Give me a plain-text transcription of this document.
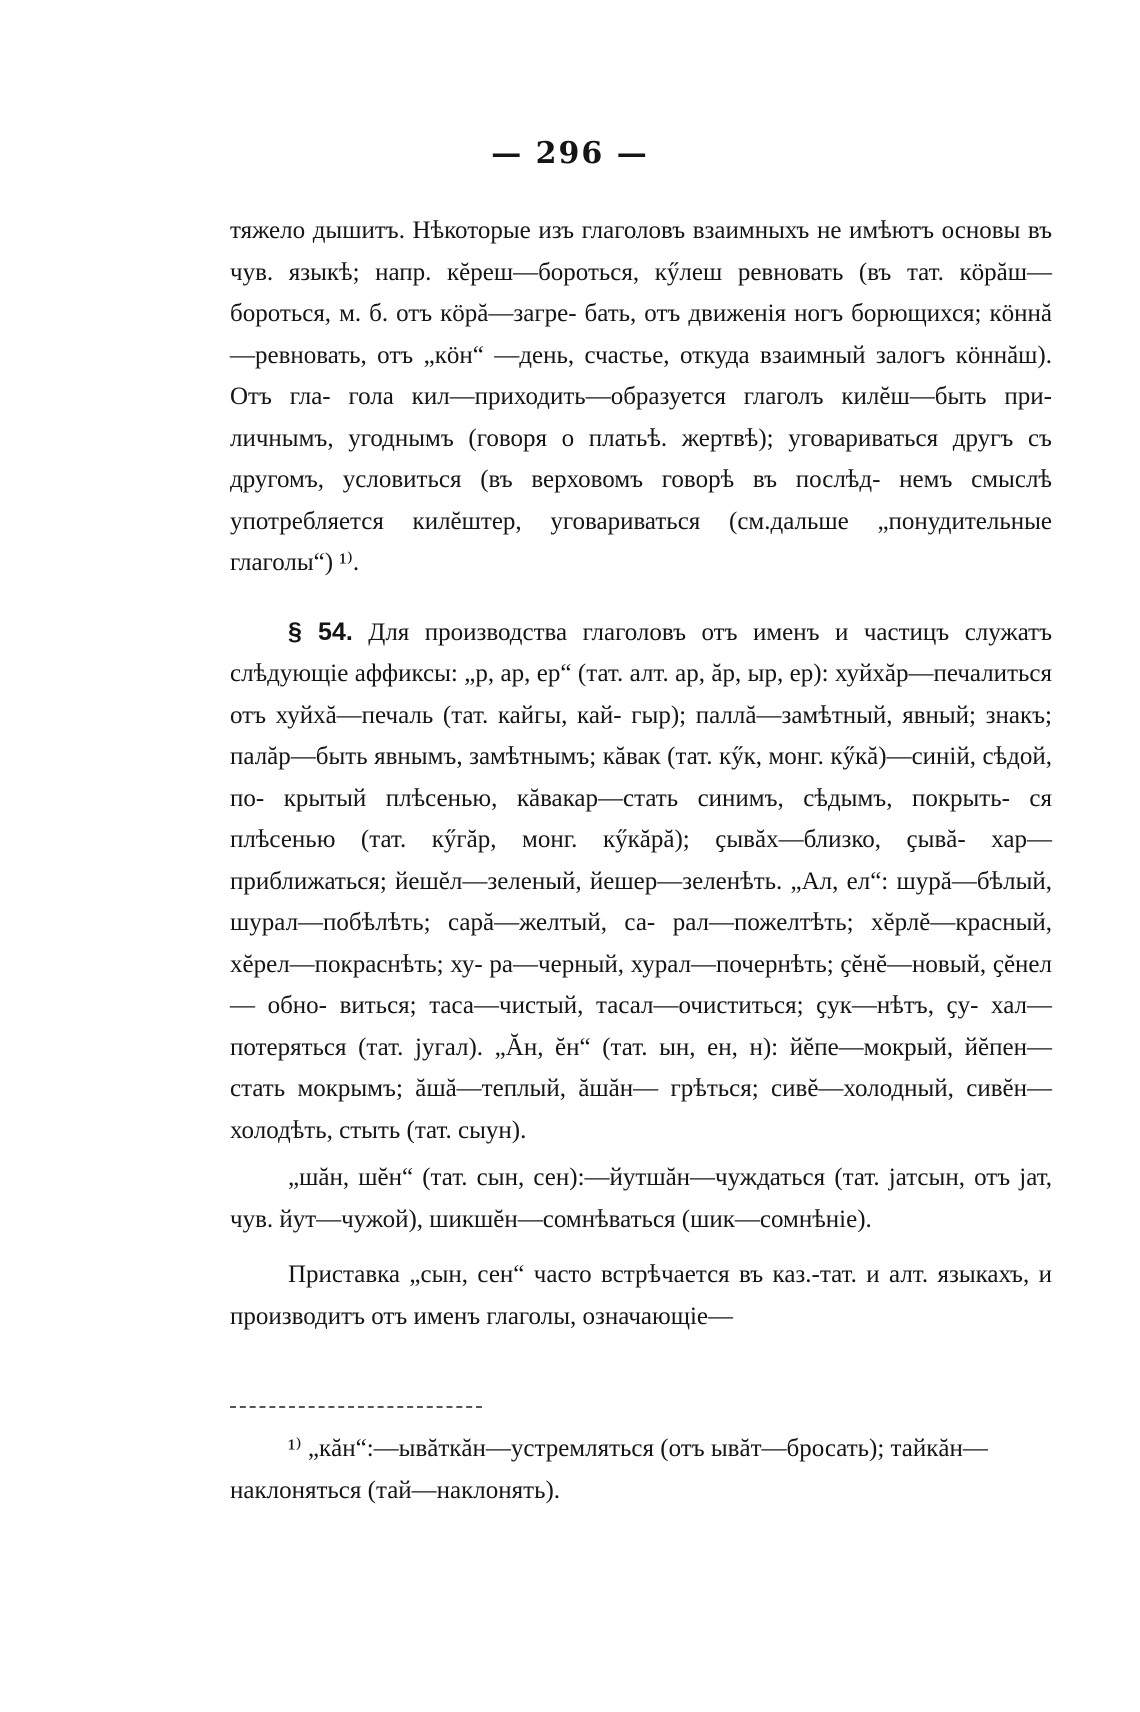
— 296 —

тяжело дышитъ. Нѣкоторые изъ глаголовъ взаимныхъ не имѣютъ основы въ чув. языкѣ; напр. кĕреш—бороться, кӳлеш ревновать (въ тат. кӧрăш—бороться, м. б. отъ кӧрă—загре- бать, отъ движенія ногъ борющихся; кӧннă—ревновать, отъ „кӧн“ —день, счастье, откуда взаимный залогъ кӧннăш). Отъ гла- гола кил—приходить—образуется глаголъ килĕш—быть при- личнымъ, угоднымъ (говоря о платьѣ. жертвѣ); уговариваться другъ съ другомъ, условиться (въ верховомъ говорѣ въ послѣд- немъ смыслѣ употребляется килĕштер, уговариваться (см.дальше „понудительные глаголы“) ¹⁾.

§ 54. Для производства глаголовъ отъ именъ и частицъ служатъ слѣдующіе аффиксы: „р, ар, ер“ (тат. алт. ар, ăр, ыр, ер): хуйхăр—печалиться отъ хуйхă—печаль (тат. кайгы, кай- гыр); паллă—замѣтный, явный; знакъ; палăр—быть явнымъ, замѣтнымъ; кăвак (тат. кӳк, монг. кӳкă)—синій, сѣдой, по- крытый плѣсенью, кăвакар—стать синимъ, сѣдымъ, покрыть- ся плѣсенью (тат. кӳгăр, монг. кӳкăрă); ҫывăх—близко, ҫывă- хар—приближаться; йешĕл—зеленый, йешер—зеленѣть. „Ал, ел“: шурă—бѣлый, шурал—побѣлѣть; сарă—желтый, са- рал—пожелтѣть; хĕрлĕ—красный, хĕрел—покраснѣть; ху- ра—черный, хурал—почернѣть; ҫĕнĕ—новый, ҫĕнел — обно- виться; таса—чистый, тасал—очиститься; ҫук—нѣтъ, ҫу- хал—потеряться (тат. југал). „Ăн, ĕн“ (тат. ын, ен, н): йĕпе—мокрый, йĕпен—стать мокрымъ; ăшă—теплый, ăшăн— грѣться; сивĕ—холодный, сивĕн—холодѣть, стыть (тат. сыун).

„шăн, шĕн“ (тат. сын, сен):—йутшăн—чуждаться (тат. јатсын, отъ јат, чув. йут—чужой), шикшĕн—сомнѣваться (шик—сомнѣніе).

Приставка „сын, сен“ часто встрѣчается въ каз.-тат. и алт. языкахъ, и производитъ отъ именъ глаголы, означающіе—

¹⁾ „кăн“:—ывăткăн—устремляться (отъ ывăт—бросать); тайкăн—наклоняться (тай—наклонять).
